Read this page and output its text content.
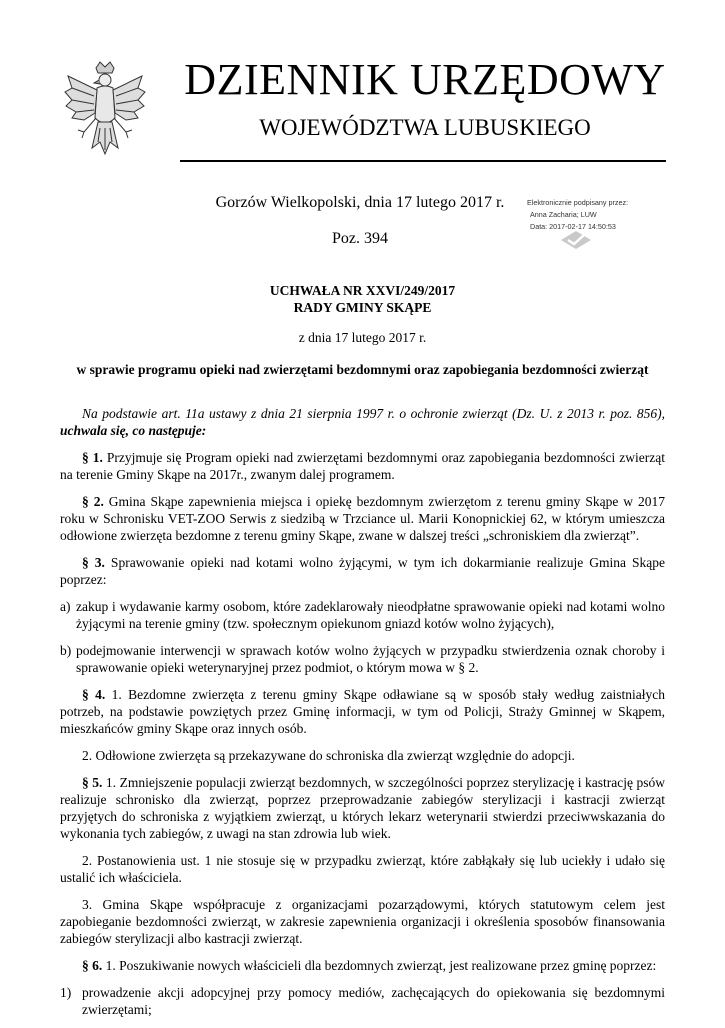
DZIENNIK URZĘDOWY
WOJEWÓDZTWA LUBUSKIEGO
Gorzów Wielkopolski, dnia 17 lutego 2017 r.
Poz. 394
Elektronicznie podpisany przez:
Anna Zacharia; LUW
Data: 2017-02-17 14:50:53
UCHWAŁA NR XXVI/249/2017
RADY GMINY SKĄPE
z dnia 17 lutego 2017 r.
w sprawie programu opieki nad zwierzętami bezdomnymi oraz zapobiegania bezdomności zwierząt

Na podstawie art. 11a ustawy z dnia 21 sierpnia 1997 r. o ochronie zwierząt (Dz. U. z 2013 r. poz. 856), uchwala się, co następuje:

§ 1. Przyjmuje się Program opieki nad zwierzętami bezdomnymi oraz zapobiegania bezdomności zwierząt na terenie Gminy Skąpe na 2017r., zwanym dalej programem.

§ 2. Gmina Skąpe zapewnienia miejsca i opiekę bezdomnym zwierzętom z terenu gminy Skąpe w 2017 roku w Schronisku VET-ZOO Serwis z siedzibą w Trzciance ul. Marii Konopnickiej 62, w którym umieszcza odłowione zwierzęta bezdomne z terenu gminy Skąpe, zwane w dalszej treści „schroniskiem dla zwierząt”.

§ 3. Sprawowanie opieki nad kotami wolno żyjącymi, w tym ich dokarmianie realizuje Gmina Skąpe poprzez:

a) zakup i wydawanie karmy osobom, które zadeklarowały nieodpłatne sprawowanie opieki nad kotami wolno żyjącymi na terenie gminy (tzw. społecznym opiekunom gniazd kotów wolno żyjących),

b) podejmowanie interwencji w sprawach kotów wolno żyjących w przypadku stwierdzenia oznak choroby i sprawowanie opieki weterynaryjnej przez podmiot, o którym mowa w § 2.

§ 4. 1. Bezdomne zwierzęta z terenu gminy Skąpe odławiane są w sposób stały według zaistniałych potrzeb, na podstawie powziętych przez Gminę informacji, w tym od Policji, Straży Gminnej w Skąpem, mieszkańców gminy Skąpe oraz innych osób.

2. Odłowione zwierzęta są przekazywane do schroniska dla zwierząt względnie do adopcji.

§ 5. 1. Zmniejszenie populacji zwierząt bezdomnych, w szczególności poprzez sterylizację i kastrację psów realizuje schronisko dla zwierząt, poprzez przeprowadzanie zabiegów sterylizacji i kastracji zwierząt przyjętych do schroniska z wyjątkiem zwierząt, u których lekarz weterynarii stwierdzi przeciwwskazania do wykonania tych zabiegów, z uwagi na stan zdrowia lub wiek.

2. Postanowienia ust. 1 nie stosuje się w przypadku zwierząt, które zabłąkały się lub uciekły i udało się ustalić ich właściciela.

3. Gmina Skąpe współpracuje z organizacjami pozarządowymi, których statutowym celem jest zapobieganie bezdomności zwierząt, w zakresie zapewnienia organizacji i określenia sposobów finansowania zabiegów sterylizacji albo kastracji zwierząt.

§ 6. 1. Poszukiwanie nowych właścicieli dla bezdomnych zwierząt, jest realizowane przez gminę poprzez:

1) prowadzenie akcji adopcyjnej przy pomocy mediów, zachęcających do opiekowania się bezdomnymi zwierzętami;
